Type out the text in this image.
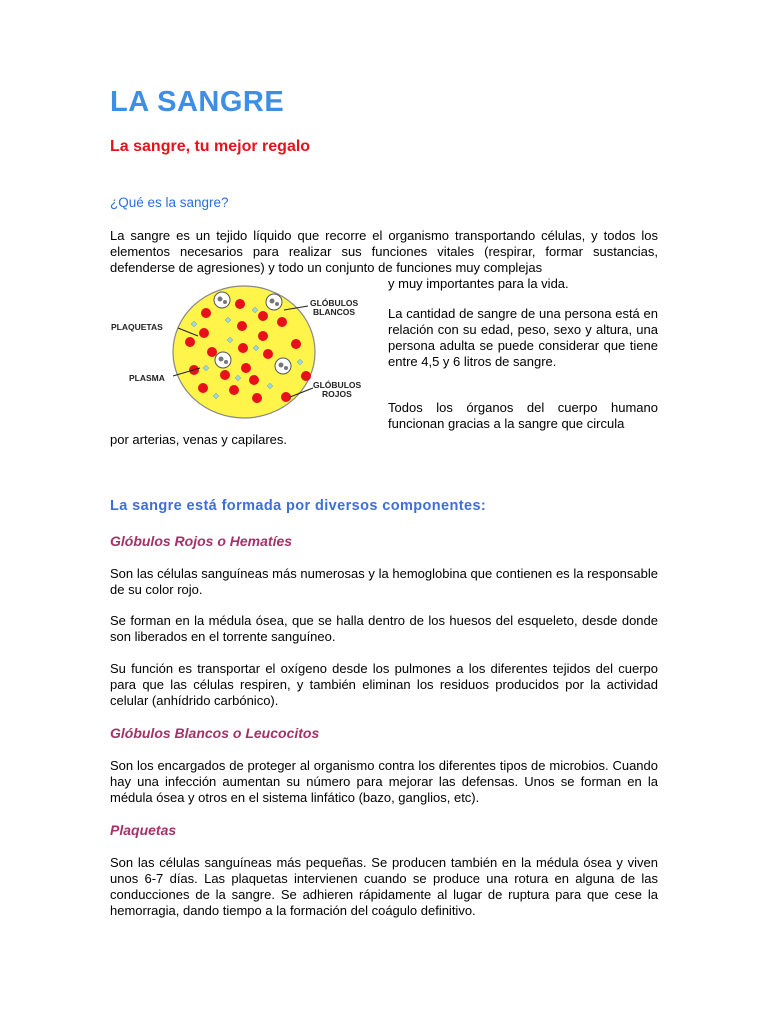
LA SANGRE
La sangre, tu mejor regalo
¿Qué es la sangre?
La sangre es un tejido líquido que recorre el organismo transportando células, y todos los elementos necesarios para realizar sus funciones vitales (respirar, formar sustancias, defenderse de agresiones) y todo un conjunto de funciones muy complejas
y muy importantes para la vida.
PLAQUETAS
PLASMA
GLÓBULOS
BLANCOS
GLÓBULOS
ROJOS
La cantidad de sangre de una persona está en relación con su edad, peso, sexo y altura, una persona adulta se puede considerar que tiene entre 4,5 y 6 litros de sangre.
Todos los órganos del cuerpo humano funcionan gracias a la sangre que circula
por arterias, venas y capilares.
La sangre está formada por diversos componentes:
Glóbulos Rojos o Hematíes
Son las células sanguíneas más numerosas y la hemoglobina que contienen es la responsable de su color rojo.
Se forman en la médula ósea, que se halla dentro de los huesos del esqueleto, desde donde son liberados en el torrente sanguíneo.
Su función es transportar el oxígeno desde los pulmones a los diferentes tejidos del cuerpo para que las células respiren, y también eliminan los residuos producidos por la actividad celular (anhídrido carbónico).
Glóbulos Blancos o Leucocitos
Son los encargados de proteger al organismo contra los diferentes tipos de microbios. Cuando hay una infección aumentan su número para mejorar las defensas. Unos se forman en la médula ósea y otros en el sistema linfático (bazo, ganglios, etc).
Plaquetas
Son las células sanguíneas más pequeñas. Se producen también en la médula ósea y viven unos 6-7 días. Las plaquetas intervienen cuando se produce una rotura en alguna de las conducciones de la sangre. Se adhieren rápidamente al lugar de ruptura para que cese la hemorragia, dando tiempo a la formación del coágulo definitivo.
